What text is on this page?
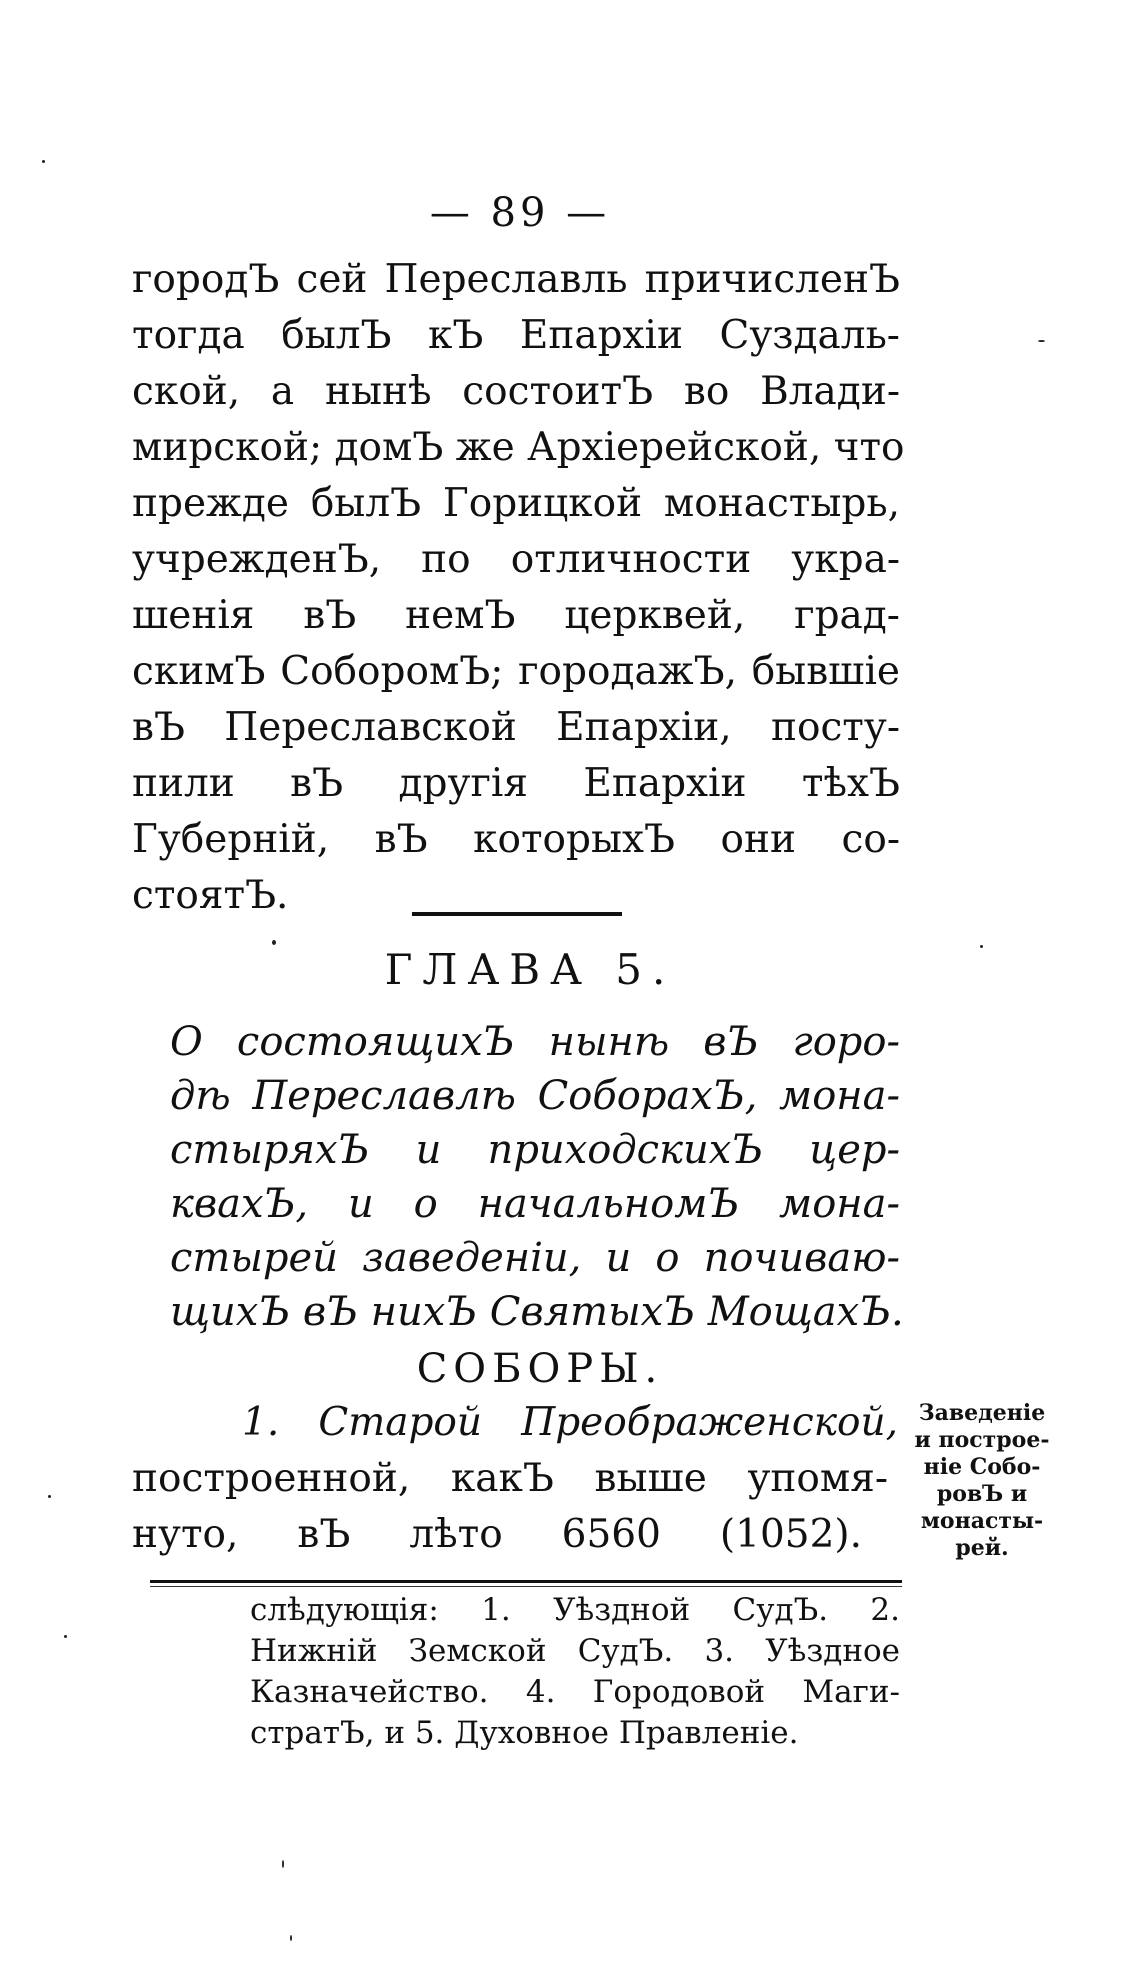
— 89 —
городЪ сей Переславль причисленЪ
тогда былЪ кЪ Епархіи Суздаль-
ской, а нынѣ состоитЪ во Влади-
мирской; домЪ же Архіерейской, что
прежде былЪ Горицкой монастырь,
учрежденЪ, по отличности укра-
шенія вЪ немЪ церквей, град-
скимЪ СоборомЪ; городажЪ, бывшіе
вЪ Переславской Епархіи, посту-
пили вЪ другія Епархіи тѣхЪ
Губерній, вЪ которыхЪ они со-
стоятЪ.
ГЛАВА 5.
О состоящихЪ нынѣ вЪ горо-
дѣ Переславлѣ СоборахЪ, мона-
стыряхЪ и приходскихЪ цер-
квахЪ, и о начальномЪ мона-
стырей заведеніи, и о почиваю-
щихЪ вЪ нихЪ СвятыхЪ МощахЪ.
СОБОРЫ.
1. Старой Преображенской,
построенной, какЪ выше упомя-
нуто, вЪ лѣто 6560 (1052).
Заведеніе
и построе-
ніе Собо-
ровЪ и
монасты-
рей.
слѣдующія: 1. Уѣздной СудЪ. 2.
Нижній Земской СудЪ. 3. Уѣздное
Казначейство. 4. Городовой Маги-
стратЪ, и 5. Духовное Правленіе.
